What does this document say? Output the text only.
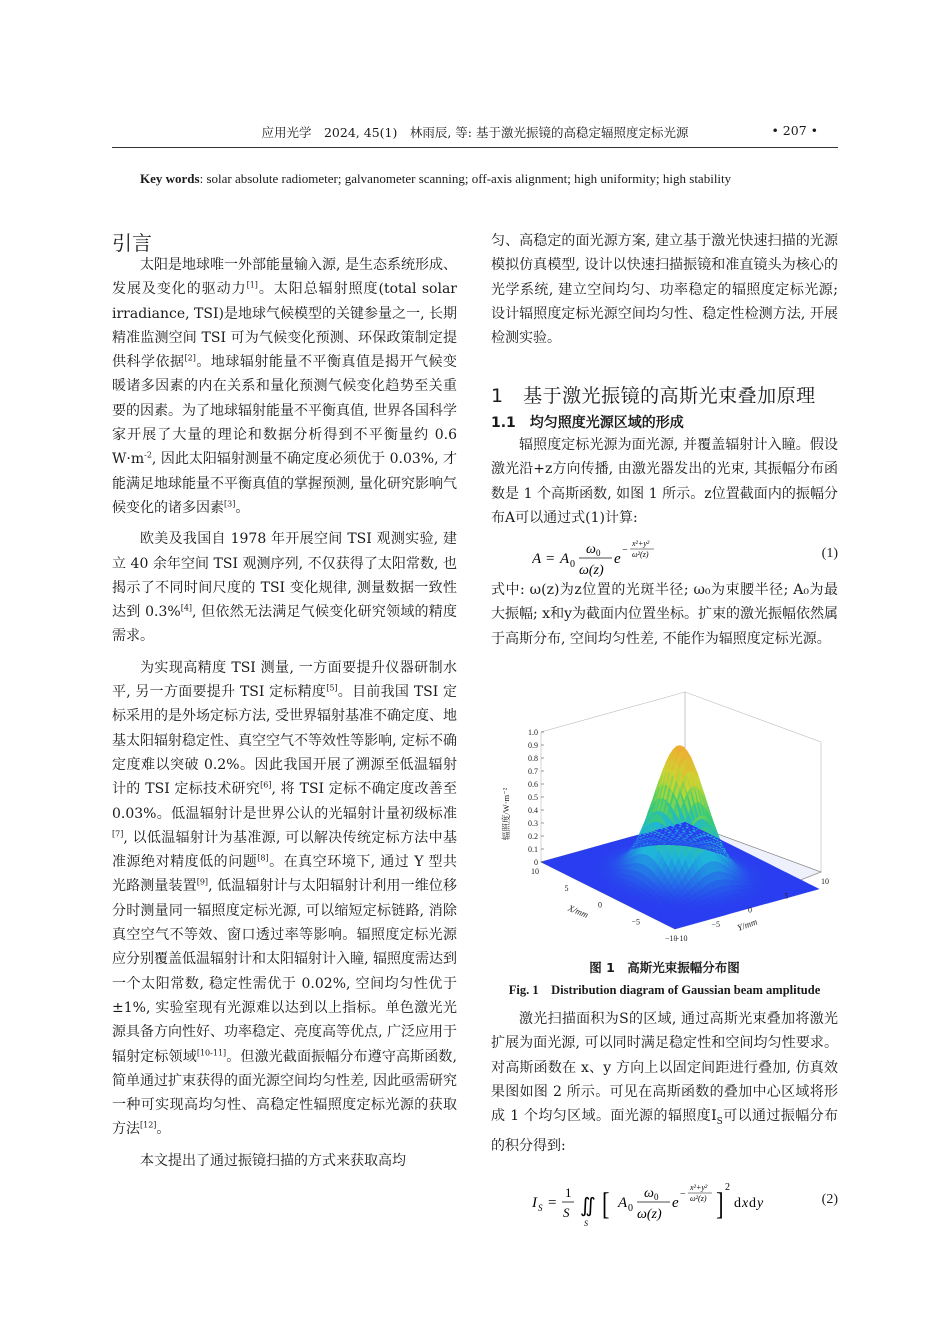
应用光学　2024, 45(1)　林雨辰, 等: 基于激光振镜的高稳定辐照度定标光源	• 207 •
Key words: solar absolute radiometer; galvanometer scanning; off-axis alignment; high uniformity; high stability
引言

太阳是地球唯一外部能量输入源, 是生态系统形成、发展及变化的驱动力[1]。太阳总辐射照度(total solar irradiance, TSI)是地球气候模型的关键参量之一, 长期精准监测空间 TSI 可为气候变化预测、环保政策制定提供科学依据[2]。地球辐射能量不平衡真值是揭开气候变暖诸多因素的内在关系和量化预测气候变化趋势至关重要的因素。为了地球辐射能量不平衡真值, 世界各国科学家开展了大量的理论和数据分析得到不平衡量约 0.6 $W\cdot m^{-2}$, 因此太阳辐射测量不确定度必须优于 0.03%, 才能满足地球能量不平衡真值的掌握预测, 量化研究影响气候变化的诸多因素[3]。

欧美及我国自 1978 年开展空间 TSI 观测实验, 建立 40 余年空间 TSI 观测序列, 不仅获得了太阳常数, 也揭示了不同时间尺度的 TSI 变化规律, 测量数据一致性达到 0.3%[4], 但依然无法满足气候变化研究领域的精度需求。

为实现高精度 TSI 测量, 一方面要提升仪器研制水平, 另一方面要提升 TSI 定标精度[5]。目前我国 TSI 定标采用的是外场定标方法, 受世界辐射基准不确定度、地基太阳辐射稳定性、真空空气不等效性等影响, 定标不确定度难以突破 0.2%。因此我国开展了溯源至低温辐射计的 TSI 定标技术研究[6], 将 TSI 定标不确定度改善至 0.03%。低温辐射计是世界公认的光辐射计量初级标准[7], 以低温辐射计为基准源, 可以解决传统定标方法中基准源绝对精度低的问题[8]。在真空环境下, 通过 Y 型共光路测量装置[9], 低温辐射计与太阳辐射计利用一维位移分时测量同一辐照度定标光源, 可以缩短定标链路, 消除真空空气不等效、窗口透过率等影响。辐照度定标光源应分别覆盖低温辐射计和太阳辐射计入瞳, 辐照度需达到一个太阳常数, 稳定性需优于 0.02%, 空间均匀性优于±1%, 实验室现有光源难以达到以上指标。单色激光光源具备方向性好、功率稳定、亮度高等优点, 广泛应用于辐射定标领域[10-11]。但激光截面振幅分布遵守高斯函数, 简单通过扩束获得的面光源空间均匀性差, 因此亟需研究一种可实现高均匀性、高稳定性辐照度定标光源的获取方法[12]。

本文提出了通过振镜扫描的方式来获取高均

匀、高稳定的面光源方案, 建立基于激光快速扫描的光源模拟仿真模型, 设计以快速扫描振镜和准直镜头为核心的光学系统, 建立空间均匀、功率稳定的辐照度定标光源; 设计辐照度定标光源空间均匀性、稳定性检测方法, 开展检测实验。

1　基于激光振镜的高斯光束叠加原理
1.1　均匀照度光源区域的形成

辐照度定标光源为面光源, 并覆盖辐射计入瞳。假设激光沿+z方向传播, 由激光器发出的光束, 其振幅分布函数是 1 个高斯函数, 如图 1 所示。z位置截面内的振幅分布A可以通过式(1)计算:

A = A 0
ω 0
ω(z)
e
−
x²+y²
ω²(z)	(1)

式中: ω(z)为z位置的光斑半径; ω₀为束腰半径; A₀为最大振幅; x和y为截面内位置坐标。扩束的激光振幅依然属于高斯分布, 空间均匀性差, 不能作为辐照度定标光源。

0
0.1
0.2
0.3
0.4
0.5
0.6
0.7
0.8
0.9
1.0
辐照度/W·m⁻²
10
5
0
−5
−10
X/mm
−10
−5
0
5
10
Y/mm
图 1　高斯光束振幅分布图
Fig. 1　Distribution diagram of Gaussian beam amplitude

激光扫描面积为S的区域, 通过高斯光束叠加将激光扩展为面光源, 可以同时满足稳定性和空间均匀性要求。对高斯函数在 x、y 方向上以固定间距进行叠加, 仿真效果图如图 2 所示。可见在高斯函数的叠加中心区域将形成 1 个均匀区域。面光源的辐照度$I_S$可以通过振幅分布的积分得到:

I S =
1
S ∬
S
[ A 0
ω 0
ω(z)
e
−
x²+y²
ω²(z) ] 2
d x d y	(2)
